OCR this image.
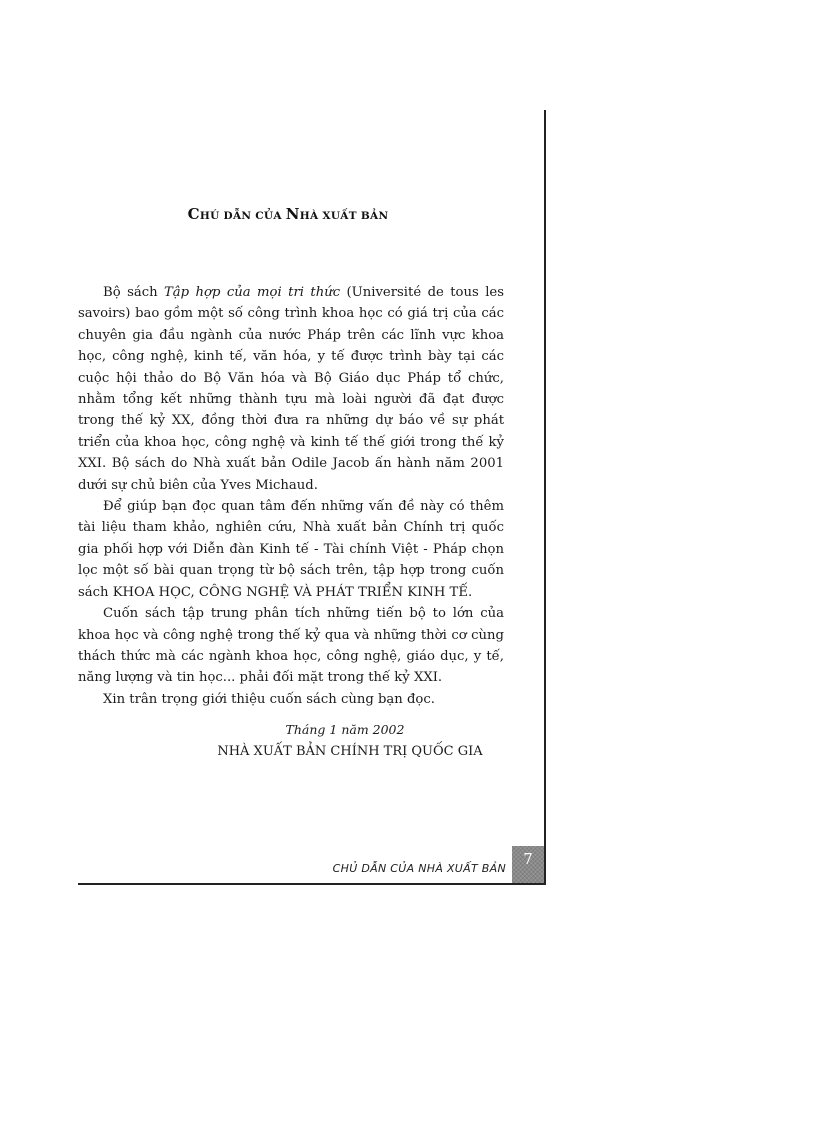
CHÚ DẪN CỦA NHÀ XUẤT BẢN

Bộ sách Tập hợp của mọi tri thức (Université de tous les savoirs) bao gồm một số công trình khoa học có giá trị của các chuyên gia đầu ngành của nước Pháp trên các lĩnh vực khoa học, công nghệ, kinh tế, văn hóa, y tế được trình bày tại các cuộc hội thảo do Bộ Văn hóa và Bộ Giáo dục Pháp tổ chức, nhằm tổng kết những thành tựu mà loài người đã đạt được trong thế kỷ XX, đồng thời đưa ra những dự báo về sự phát triển của khoa học, công nghệ và kinh tế thế giới trong thế kỷ XXI. Bộ sách do Nhà xuất bản Odile Jacob ấn hành năm 2001 dưới sự chủ biên của Yves Michaud.

Để giúp bạn đọc quan tâm đến những vấn đề này có thêm tài liệu tham khảo, nghiên cứu, Nhà xuất bản Chính trị quốc gia phối hợp với Diễn đàn Kinh tế - Tài chính Việt - Pháp chọn lọc một số bài quan trọng từ bộ sách trên, tập hợp trong cuốn sách KHOA HỌC, CÔNG NGHỆ VÀ PHÁT TRIỂN KINH TẾ.

Cuốn sách tập trung phân tích những tiến bộ to lớn của khoa học và công nghệ trong thế kỷ qua và những thời cơ cùng thách thức mà các ngành khoa học, công nghệ, giáo dục, y tế, năng lượng và tin học... phải đối mặt trong thế kỷ XXI.

Xin trân trọng giới thiệu cuốn sách cùng bạn đọc.

Tháng 1 năm 2002
NHÀ XUẤT BẢN CHÍNH TRỊ QUỐC GIA
CHỦ DẪN CỦA NHÀ XUẤT BẢN
7
